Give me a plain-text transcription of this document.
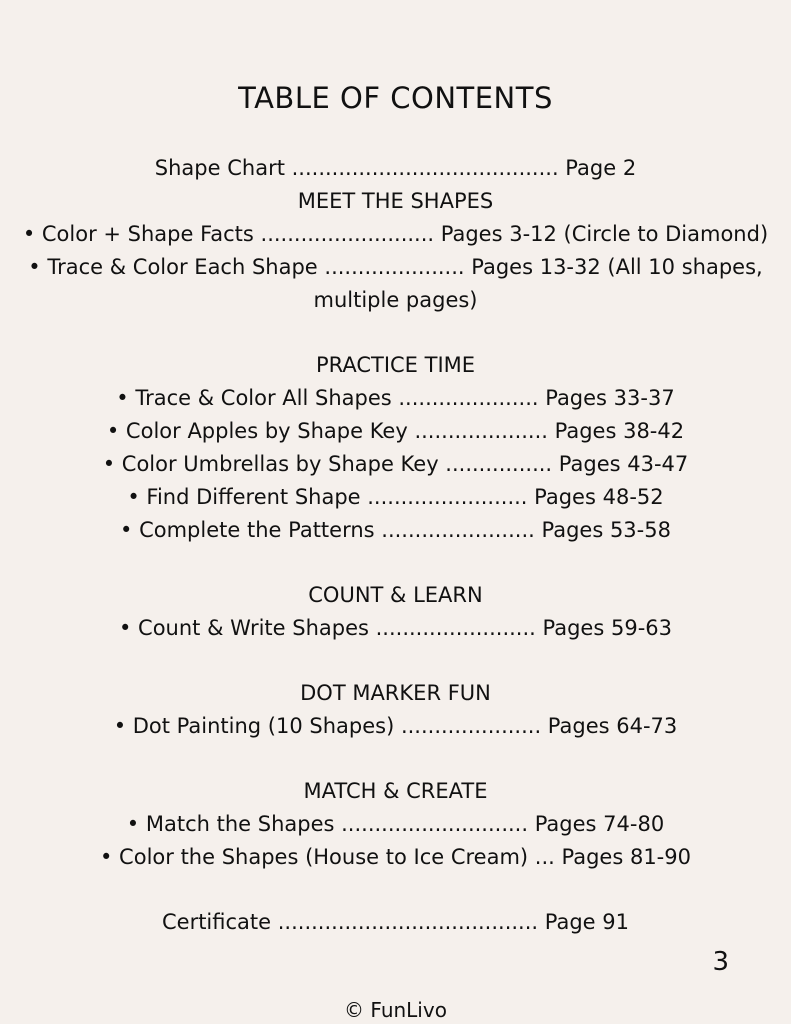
TABLE OF CONTENTS
Shape Chart ........................................ Page 2
MEET THE SHAPES
• Color + Shape Facts .......................... Pages 3-12 (Circle to Diamond)
• Trace & Color Each Shape ..................... Pages 13-32 (All 10 shapes, multiple pages)
PRACTICE TIME
• Trace & Color All Shapes ..................... Pages 33-37
• Color Apples by Shape Key .................... Pages 38-42
• Color Umbrellas by Shape Key ................ Pages 43-47
• Find Different Shape ........................ Pages 48-52
• Complete the Patterns ....................... Pages 53-58
COUNT & LEARN
• Count & Write Shapes ........................ Pages 59-63
DOT MARKER FUN
• Dot Painting (10 Shapes) ..................... Pages 64-73
MATCH & CREATE
• Match the Shapes ............................ Pages 74-80
• Color the Shapes (House to Ice Cream) ... Pages 81-90
Certificate ....................................... Page 91
3
© FunLivo
